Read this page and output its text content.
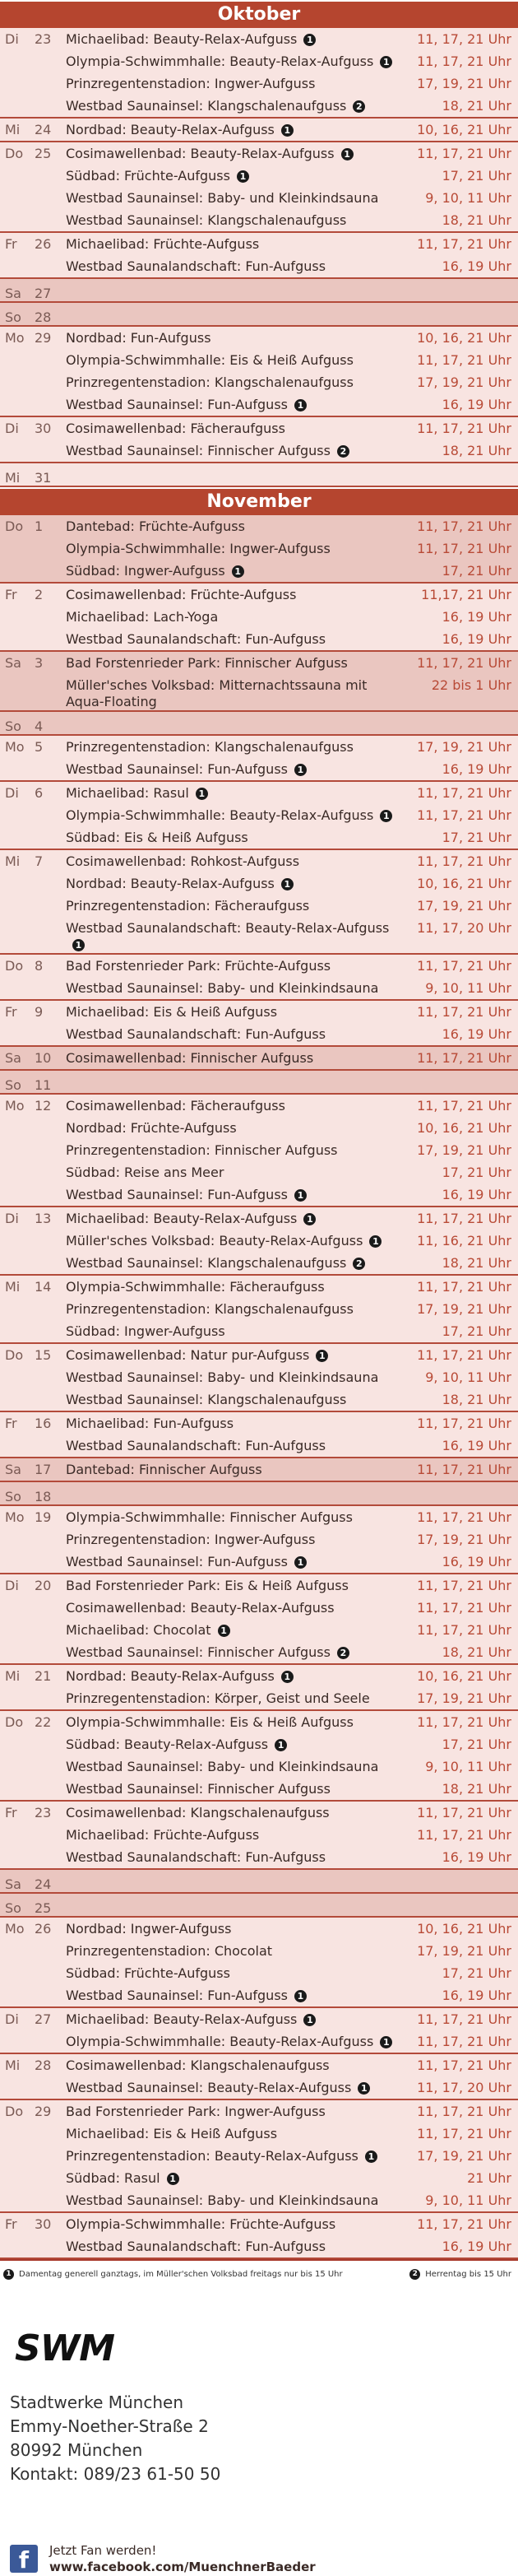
Oktober
Di	23	Michaelibad: Beauty-Relax-Aufguss 1	11, 17, 21 Uhr
Olympia-Schwimmhalle: Beauty-Relax-Aufguss 1	11, 17, 21 Uhr
Prinzregentenstadion: Ingwer-Aufguss	17, 19, 21 Uhr
Westbad Saunainsel: Klangschalenaufguss 2	18, 21 Uhr
Mi	24	Nordbad: Beauty-Relax-Aufguss 1	10, 16, 21 Uhr
Do 25	Cosimawellenbad: Beauty-Relax-Aufguss 1	11, 17, 21 Uhr
Südbad: Früchte-Aufguss 1	17, 21 Uhr
Westbad Saunainsel: Baby- und Kleinkindsauna	9, 10, 11 Uhr
Westbad Saunainsel: Klangschalenaufguss	18, 21 Uhr
Fr	26	Michaelibad: Früchte-Aufguss	11, 17, 21 Uhr
Westbad Saunalandschaft: Fun-Aufguss	16, 19 Uhr
Sa	27
So	28
Mo 29	Nordbad: Fun-Aufguss	10, 16, 21 Uhr
Olympia-Schwimmhalle: Eis & Heiß Aufguss	11, 17, 21 Uhr
Prinzregentenstadion: Klangschalenaufguss	17, 19, 21 Uhr
Westbad Saunainsel: Fun-Aufguss 1	16, 19 Uhr
Di	30	Cosimawellenbad: Fächeraufguss	11, 17, 21 Uhr
Westbad Saunainsel: Finnischer Aufguss 2	18, 21 Uhr
Mi	31
November
Do 1	Dantebad: Früchte-Aufguss	11, 17, 21 Uhr
Olympia-Schwimmhalle: Ingwer-Aufguss	11, 17, 21 Uhr
Südbad: Ingwer-Aufguss 1	17, 21 Uhr
Fr	2	Cosimawellenbad: Früchte-Aufguss	11,17, 21 Uhr
Michaelibad: Lach-Yoga	16, 19 Uhr
Westbad Saunalandschaft: Fun-Aufguss	16, 19 Uhr
Sa	3	Bad Forstenrieder Park: Finnischer Aufguss	11, 17, 21 Uhr
Müller'sches Volksbad: Mitternachtssauna mit Aqua-Floating
22 bis 1 Uhr
So	4
Mo 5	Prinzregentenstadion: Klangschalenaufguss	17, 19, 21 Uhr
Westbad Saunainsel: Fun-Aufguss 1	16, 19 Uhr
Di	6	Michaelibad: Rasul 1	11, 17, 21 Uhr
Olympia-Schwimmhalle: Beauty-Relax-Aufguss 1	11, 17, 21 Uhr
Südbad: Eis & Heiß Aufguss	17, 21 Uhr
Mi	7	Cosimawellenbad: Rohkost-Aufguss	11, 17, 21 Uhr
Nordbad: Beauty-Relax-Aufguss 1	10, 16, 21 Uhr
Prinzregentenstadion: Fächeraufguss	17, 19, 21 Uhr
Westbad Saunalandschaft: Beauty-Relax-Aufguss1
11, 17, 20 Uhr
Do 8	Bad Forstenrieder Park: Früchte-Aufguss	11, 17, 21 Uhr
Westbad Saunainsel: Baby- und Kleinkindsauna	9, 10, 11 Uhr
Fr	9	Michaelibad: Eis & Heiß Aufguss	11, 17, 21 Uhr
Westbad Saunalandschaft: Fun-Aufguss	16, 19 Uhr
Sa	10	Cosimawellenbad: Finnischer Aufguss	11, 17, 21 Uhr
So	11
Mo 12	Cosimawellenbad: Fächeraufguss	11, 17, 21 Uhr
Nordbad: Früchte-Aufguss	10, 16, 21 Uhr
Prinzregentenstadion: Finnischer Aufguss	17, 19, 21 Uhr
Südbad: Reise ans Meer	17, 21 Uhr
Westbad Saunainsel: Fun-Aufguss 1	16, 19 Uhr
Di	13	Michaelibad: Beauty-Relax-Aufguss 1	11, 17, 21 Uhr
Müller'sches Volksbad: Beauty-Relax-Aufguss 1	11, 16, 21 Uhr
Westbad Saunainsel: Klangschalenaufguss 2	18, 21 Uhr
Mi	14	Olympia-Schwimmhalle: Fächeraufguss	11, 17, 21 Uhr
Prinzregentenstadion: Klangschalenaufguss	17, 19, 21 Uhr
Südbad: Ingwer-Aufguss	17, 21 Uhr
Do 15	Cosimawellenbad: Natur pur-Aufguss 1	11, 17, 21 Uhr
Westbad Saunainsel: Baby- und Kleinkindsauna	9, 10, 11 Uhr
Westbad Saunainsel: Klangschalenaufguss	18, 21 Uhr
Fr	16	Michaelibad: Fun-Aufguss	11, 17, 21 Uhr
Westbad Saunalandschaft: Fun-Aufguss	16, 19 Uhr
Sa	17	Dantebad: Finnischer Aufguss	11, 17, 21 Uhr
So	18
Mo 19	Olympia-Schwimmhalle: Finnischer Aufguss	11, 17, 21 Uhr
Prinzregentenstadion: Ingwer-Aufguss	17, 19, 21 Uhr
Westbad Saunainsel: Fun-Aufguss 1	16, 19 Uhr
Di	20	Bad Forstenrieder Park: Eis & Heiß Aufguss	11, 17, 21 Uhr
Cosimawellenbad: Beauty-Relax-Aufguss	11, 17, 21 Uhr
Michaelibad: Chocolat 1	11, 17, 21 Uhr
Westbad Saunainsel: Finnischer Aufguss 2	18, 21 Uhr
Mi	21	Nordbad: Beauty-Relax-Aufguss 1	10, 16, 21 Uhr
Prinzregentenstadion: Körper, Geist und Seele	17, 19, 21 Uhr
Do 22	Olympia-Schwimmhalle: Eis & Heiß Aufguss	11, 17, 21 Uhr
Südbad: Beauty-Relax-Aufguss 1	17, 21 Uhr
Westbad Saunainsel: Baby- und Kleinkindsauna	9, 10, 11 Uhr
Westbad Saunainsel: Finnischer Aufguss	18, 21 Uhr
Fr	23	Cosimawellenbad: Klangschalenaufguss	11, 17, 21 Uhr
Michaelibad: Früchte-Aufguss	11, 17, 21 Uhr
Westbad Saunalandschaft: Fun-Aufguss	16, 19 Uhr
Sa	24
So	25
Mo 26	Nordbad: Ingwer-Aufguss	10, 16, 21 Uhr
Prinzregentenstadion: Chocolat	17, 19, 21 Uhr
Südbad: Früchte-Aufguss	17, 21 Uhr
Westbad Saunainsel: Fun-Aufguss 1	16, 19 Uhr
Di	27	Michaelibad: Beauty-Relax-Aufguss 1	11, 17, 21 Uhr
Olympia-Schwimmhalle: Beauty-Relax-Aufguss 1	11, 17, 21 Uhr
Mi	28	Cosimawellenbad: Klangschalenaufguss	11, 17, 21 Uhr
Westbad Saunainsel: Beauty-Relax-Aufguss 1	11, 17, 20 Uhr
Do 29	Bad Forstenrieder Park: Ingwer-Aufguss	11, 17, 21 Uhr
Michaelibad: Eis & Heiß Aufguss	11, 17, 21 Uhr
Prinzregentenstadion: Beauty-Relax-Aufguss 1	17, 19, 21 Uhr
Südbad: Rasul 1	21 Uhr
Westbad Saunainsel: Baby- und Kleinkindsauna	9, 10, 11 Uhr
Fr	30	Olympia-Schwimmhalle: Früchte-Aufguss	11, 17, 21 Uhr
Westbad Saunalandschaft: Fun-Aufguss	16, 19 Uhr
1 Damentag generell ganztags, im Müller'schen Volksbad freitags nur bis 15 Uhr	2 Herrentag bis 15 Uhr
SWM
Stadtwerke München
Emmy-Noether-Straße 2
80992 München
Kontakt: 089/23 61-50 50
f	Jetzt Fan werden!
www.facebook.com/MuenchnerBaeder
